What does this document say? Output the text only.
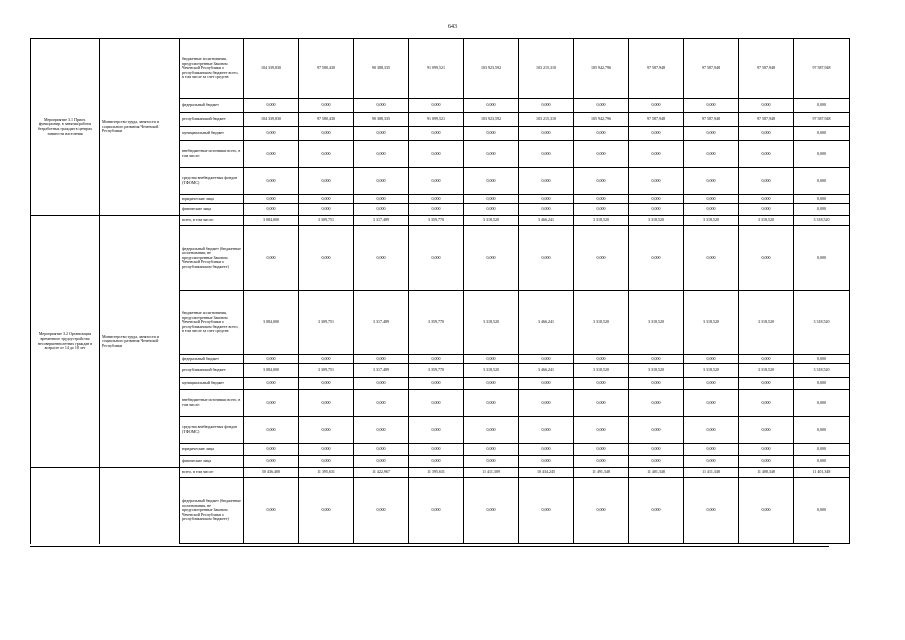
643
Мероприятие 3.1 Приоч. функционир. в занятия/работы безработных граждан в центрах занятости населения	Министерство труда, занятости и социального развития Чеченской Республики	бюджетные ассигнования, предусмотренные Законом Чеченской Республики о республиканском бюджете всего, в том числе за счет средств:	104 339,830	97 580,430	90 388,335	91 099,521	103 923,592	103 215,310	105 942,796	97 587,948	97 587,948	97 587,948	97 587,948
		федеральный бюджет	0,000	0,000	0,000	0,000	0,000	0,000	0,000	0,000	0,000	0,000	0,000
		республиканский бюджет	104 339,830	97 580,430	90 388,335	91 099,521	103 923,592	103 215,310	105 942,796	97 587,948	97 587,948	97 587,948	97 587,948
		муниципальный бюджет	0,000	0,000	0,000	0,000	0,000	0,000	0,000	0,000	0,000	0,000	0,000
		внебюджетные источники всего, в том числе:	0,000	0,000	0,000	0,000	0,000	0,000	0,000	0,000	0,000	0,000	0,000
		средства внебюджетных фондов (ТФОМС)	0,000	0,000	0,000	0,000	0,000	0,000	0,000	0,000	0,000	0,000	0,000
		юридические лица	0,000	0,000	0,000	0,000	0,000	0,000	0,000	0,000	0,000	0,000	0,000
		физические лица	0,000	0,000	0,000	0,000	0,000	0,000	0,000	0,000	0,000	0,000	0,000
Мероприятие 3.2 Организация временного трудоустройства несовершеннолетних граждан в возрасте от 14 до 18 лет	Министерство труда, занятости и социального развития Чеченской Республики	всего, в том числе:	3 084,000	3 309,751	3 317,489	3 359,770	3 318,520	3 466,241	3 318,520	3 318,520	3 318,520	3 318,520	3 318,520
		федеральный бюджет (бюджетные ассигнования, не предусмотренные Законом Чеченской Республики о республиканском бюджете)	0,000	0,000	0,000	0,000	0,000	0,000	0,000	0,000	0,000	0,000	0,000
		бюджетные ассигнования, предусмотренные Законом Чеченской Республики о республиканском бюджете всего, в том числе за счет средств:	3 084,000	3 309,751	3 317,489	3 359,770	3 318,520	3 466,241	3 318,520	3 318,520	3 318,520	3 318,520	3 318,520
		федеральный бюджет	0,000	0,000	0,000	0,000	0,000	0,000	0,000	0,000	0,000	0,000	0,000
		республиканский бюджет	3 084,000	3 309,751	3 317,489	3 359,770	3 318,520	3 466,241	3 318,520	3 318,520	3 318,520	3 318,520	3 318,520
		муниципальный бюджет	0,000	0,000	0,000	0,000	0,000	0,000	0,000	0,000	0,000	0,000	0,000
		внебюджетные источники всего, в том числе:	0,000	0,000	0,000	0,000	0,000	0,000	0,000	0,000	0,000	0,000	0,000
		средства внебюджетных фондов (ТФОМС)	0,000	0,000	0,000	0,000	0,000	0,000	0,000	0,000	0,000	0,000	0,000
		юридические лица	0,000	0,000	0,000	0,000	0,000	0,000	0,000	0,000	0,000	0,000	0,000
		физические лица	0,000	0,000	0,000	0,000	0,000	0,000	0,000	0,000	0,000	0,000	0,000
		всего, в том числе:	50 436,400	11 395,631	11 422,967	11 395,631	11 411,309	10 434,245	11 491,348	11 401,348	11 411,348	11 408,348	11 401,348
		федеральный бюджет (бюджетные ассигнования, не предусмотренные Законом Чеченской Республики о республиканском бюджете)	0,000	0,000	0,000	0,000	0,000	0,000	0,000	0,000	0,000	0,000	0,000
